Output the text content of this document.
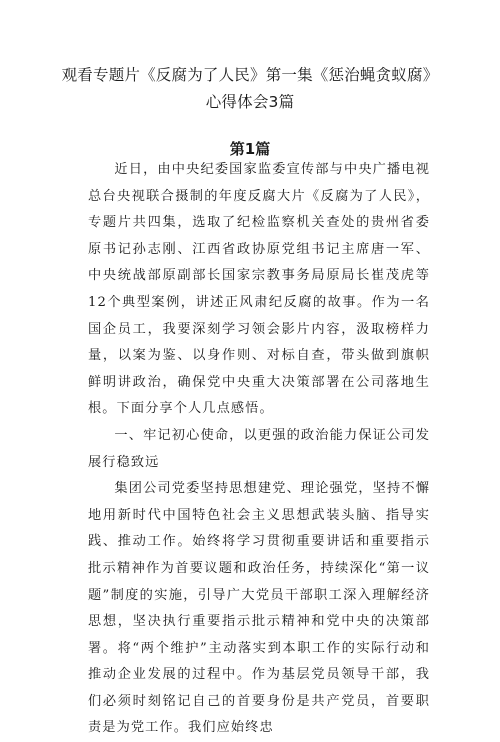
观看专题片《反腐为了人民》第一集《惩治蝇贪蚁腐》心得体会3篇
第1篇

近日，由中央纪委国家监委宣传部与中央广播电视总台央视联合摄制的年度反腐大片《反腐为了人民》，专题片共四集，选取了纪检监察机关查处的贵州省委原书记孙志刚、江西省政协原党组书记主席唐一军、中央统战部原副部长国家宗教事务局原局长崔茂虎等12个典型案例，讲述正风肃纪反腐的故事。作为一名国企员工，我要深刻学习领会影片内容，汲取榜样力量，以案为鉴、以身作则、对标自查，带头做到旗帜鲜明讲政治，确保党中央重大决策部署在公司落地生根。下面分享个人几点感悟。

一、牢记初心使命，以更强的政治能力保证公司发展行稳致远

集团公司党委坚持思想建党、理论强党，坚持不懈地用新时代中国特色社会主义思想武装头脑、指导实践、推动工作。始终将学习贯彻重要讲话和重要指示批示精神作为首要议题和政治任务，持续深化“第一议题”制度的实施，引导广大党员干部职工深入理解经济思想，坚决执行重要指示批示精神和党中央的决策部署。将“两个维护”主动落实到本职工作的实际行动和推动企业发展的过程中。作为基层党员领导干部，我们必须时刻铭记自己的首要身份是共产党员，首要职责是为党工作。我们应始终忠
